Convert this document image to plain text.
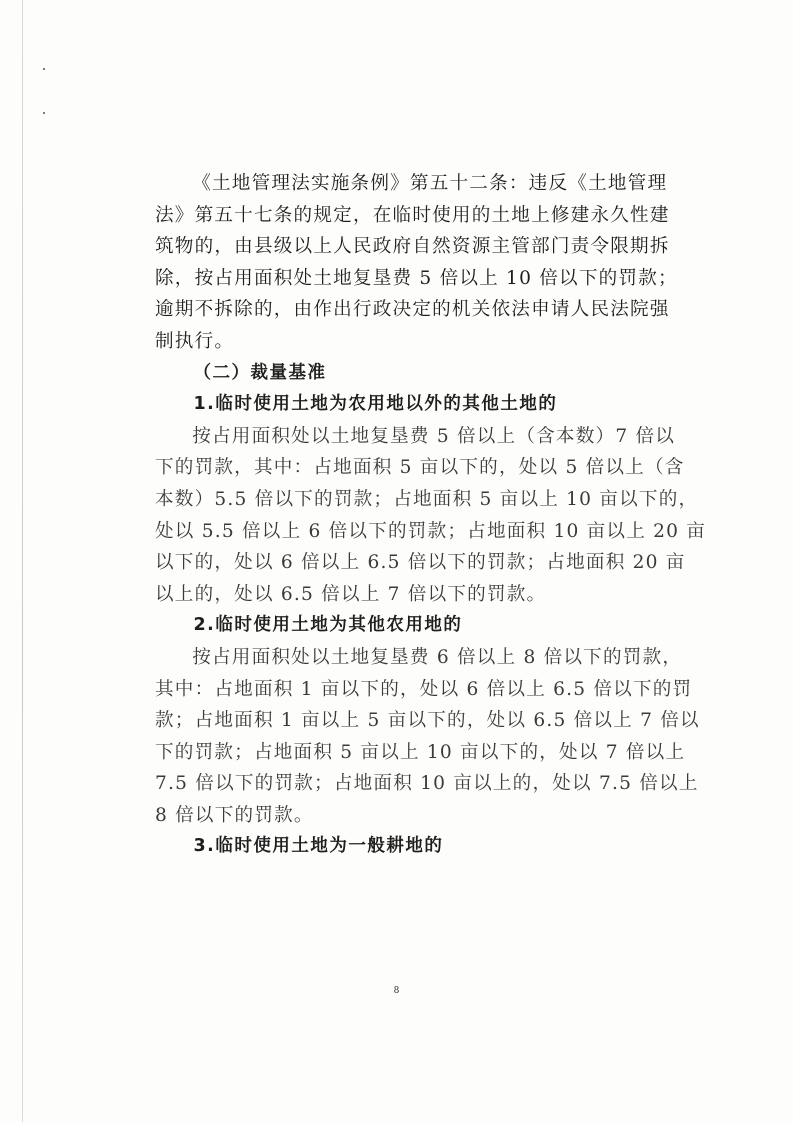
《土地管理法实施条例》第五十二条：违反《土地管理
法》第五十七条的规定，在临时使用的土地上修建永久性建
筑物的，由县级以上人民政府自然资源主管部门责令限期拆
除，按占用面积处土地复垦费 5 倍以上 10 倍以下的罚款；
逾期不拆除的，由作出行政决定的机关依法申请人民法院强
制执行。

（二）裁量基准

1.临时使用土地为农用地以外的其他土地的

按占用面积处以土地复垦费 5 倍以上（含本数）7 倍以
下的罚款，其中：占地面积 5 亩以下的，处以 5 倍以上（含
本数）5.5 倍以下的罚款；占地面积 5 亩以上 10 亩以下的，
处以 5.5 倍以上 6 倍以下的罚款；占地面积 10 亩以上 20 亩
以下的，处以 6 倍以上 6.5 倍以下的罚款；占地面积 20 亩
以上的，处以 6.5 倍以上 7 倍以下的罚款。

2.临时使用土地为其他农用地的

按占用面积处以土地复垦费 6 倍以上 8 倍以下的罚款，
其中：占地面积 1 亩以下的，处以 6 倍以上 6.5 倍以下的罚
款；占地面积 1 亩以上 5 亩以下的，处以 6.5 倍以上 7 倍以
下的罚款；占地面积 5 亩以上 10 亩以下的，处以 7 倍以上
7.5 倍以下的罚款；占地面积 10 亩以上的，处以 7.5 倍以上
8 倍以下的罚款。

3.临时使用土地为一般耕地的

8
